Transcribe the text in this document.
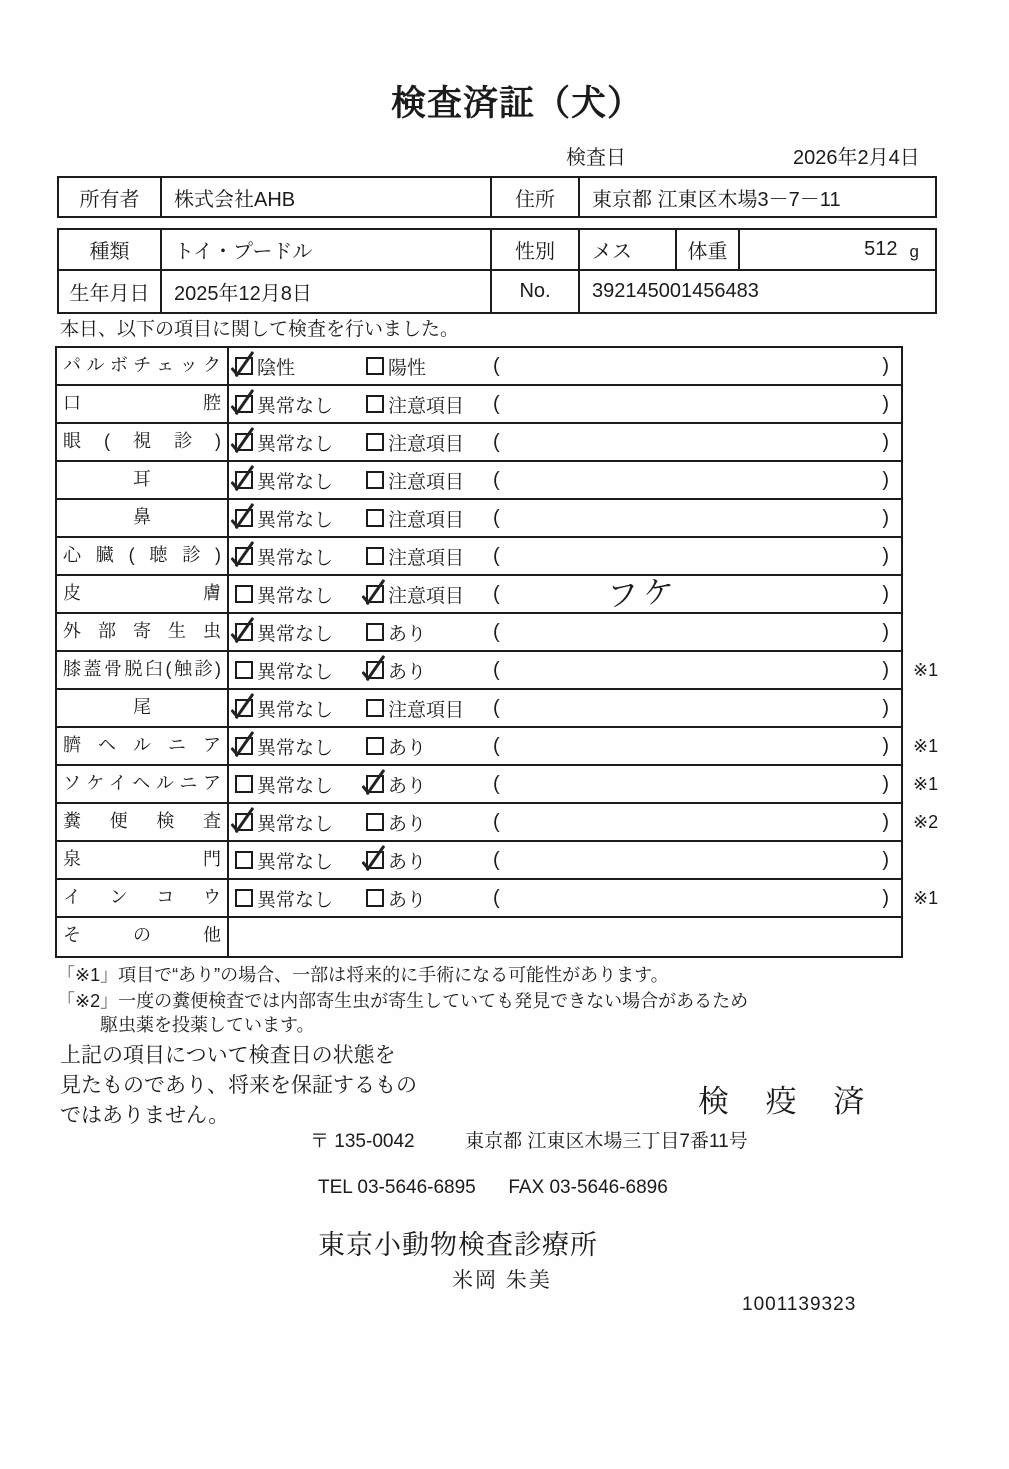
検査済証（犬）
検査日	2026年2月4日
所有者	株式会社AHB	住所	東京都 江東区木場3－7－11
種類	トイ・プードル	性別	メス	体重	512 g
生年月日	2025年12月8日	No.	392145001456483
本日、以下の項目に関して検査を行いました。
パルボチェック	陰性	陽性	(	)
口腔	異常なし	注意項目 (	)
眼(視診)	異常なし	注意項目 (	)
耳	異常なし	注意項目 (	)
鼻	異常なし	注意項目 (	)
心臓(聴診)	異常なし	注意項目 (	)
皮膚	異常なし	注意項目 (	フケ	)
外部寄生虫	異常なし	あり	(	)
膝蓋骨脱臼(触診)	異常なし	あり	(	) ※1
尾	異常なし	注意項目 (	)
臍ヘルニア	異常なし	あり	(	) ※1
ソケイヘルニア	異常なし	あり	(	) ※1
糞便検査	異常なし	あり	(	) ※2
泉門	異常なし	あり	(	)
インコウ	異常なし	あり	(	) ※1
その他
「※1」項目で“あり”の場合、一部は将来的に手術になる可能性があります。
「※2」一度の糞便検査では内部寄生虫が寄生していても発見できない場合があるため
駆虫薬を投薬しています。
上記の項目について検査日の状態を
見たものであり、将来を保証するもの
ではありません。	検 疫 済
〒 135-0042	東京都 江東区木場三丁目7番11号
TEL 03-5646-6895 FAX 03-5646-6896
東京小動物検査診療所
米岡 朱美
1001139323
